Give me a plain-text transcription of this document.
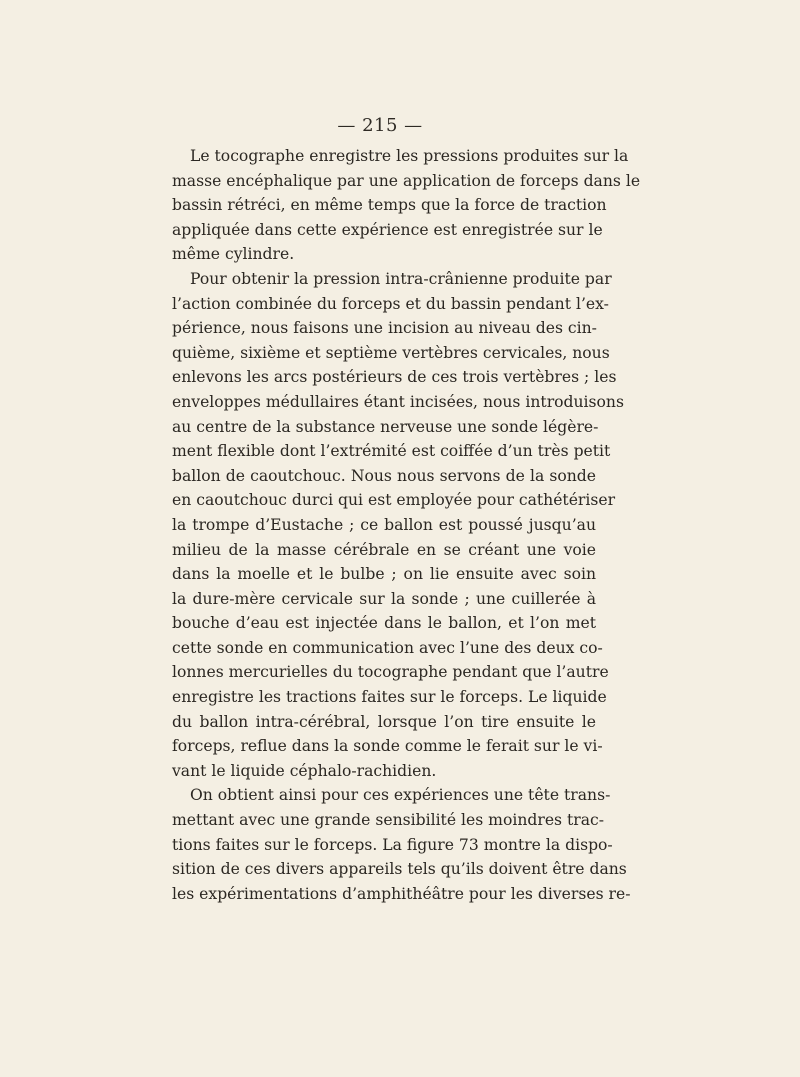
— 215 —
Le tocographe enregistre les pressions produites sur la
masse encéphalique par une application de forceps dans le
bassin rétréci, en même temps que la force de traction
appliquée dans cette expérience est enregistrée sur le
même cylindre.
Pour obtenir la pression intra-crânienne produite par
l’action combinée du forceps et du bassin pendant l’ex-
périence, nous faisons une incision au niveau des cin-
quième, sixième et septième vertèbres cervicales, nous
enlevons les arcs postérieurs de ces trois vertèbres ; les
enveloppes médullaires étant incisées, nous introduisons
au centre de la substance nerveuse une sonde légère-
ment flexible dont l’extrémité est coiffée d’un très petit
ballon de caoutchouc. Nous nous servons de la sonde
en caoutchouc durci qui est employée pour cathétériser
la trompe d’Eustache ; ce ballon est poussé jusqu’au
milieu de la masse cérébrale en se créant une voie
dans la moelle et le bulbe ; on lie ensuite avec soin
la dure-mère cervicale sur la sonde ; une cuillerée à
bouche d’eau est injectée dans le ballon, et l’on met
cette sonde en communication avec l’une des deux co-
lonnes mercurielles du tocographe pendant que l’autre
enregistre les tractions faites sur le forceps. Le liquide
du ballon intra-cérébral, lorsque l’on tire ensuite le
forceps, reflue dans la sonde comme le ferait sur le vi-
vant le liquide céphalo-rachidien.
On obtient ainsi pour ces expériences une tête trans-
mettant avec une grande sensibilité les moindres trac-
tions faites sur le forceps. La figure 73 montre la dispo-
sition de ces divers appareils tels qu’ils doivent être dans
les expérimentations d’amphithéâtre pour les diverses re-
